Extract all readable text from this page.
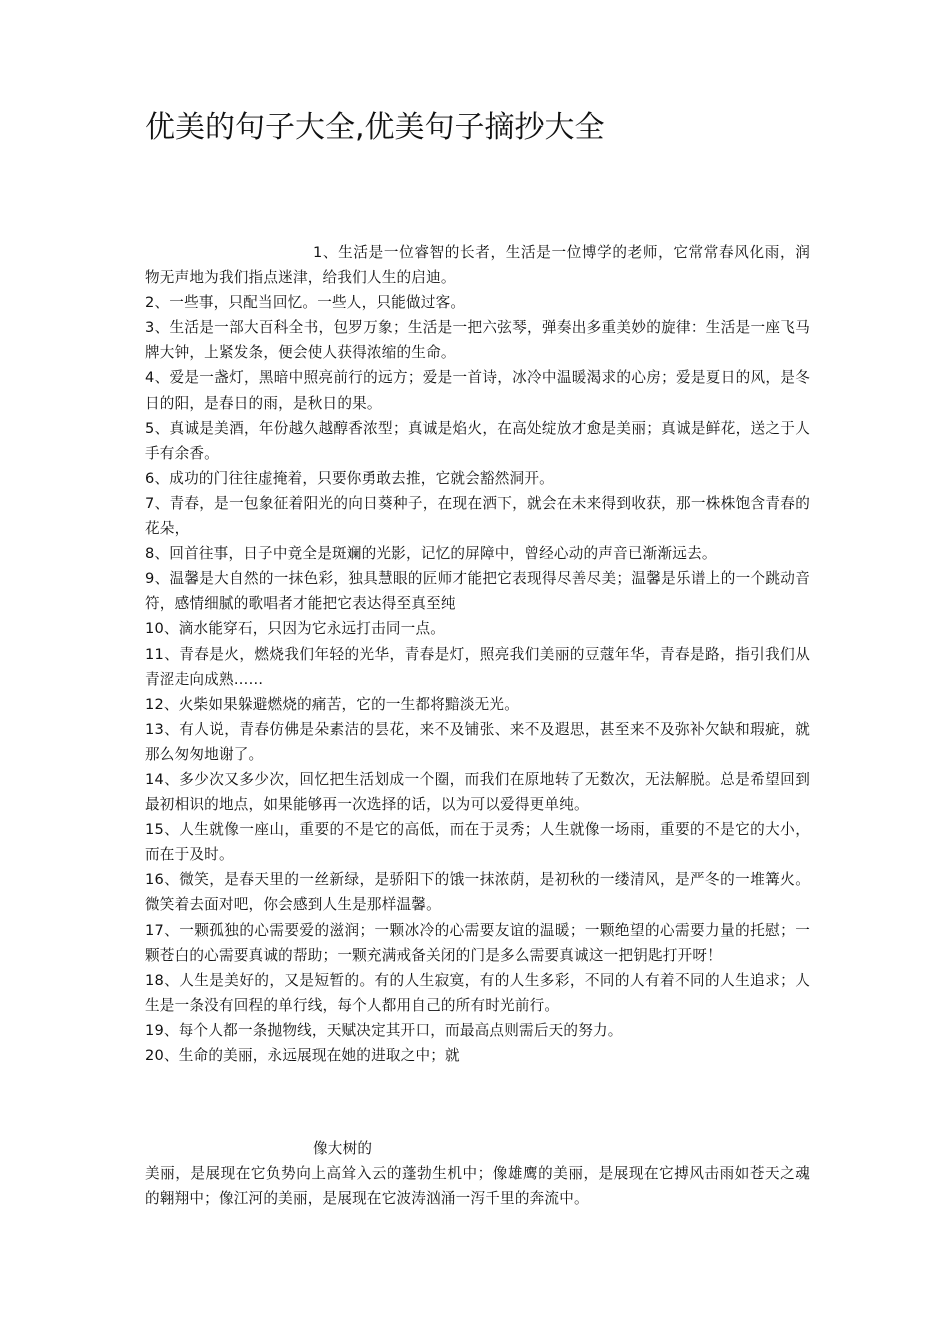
优美的句子大全,优美句子摘抄大全

1、生活是一位睿智的长者，生活是一位博学的老师，它常常春风化雨，润物无声地为我们指点迷津，给我们人生的启迪。

2、一些事，只配当回忆。一些人，只能做过客。

3、生活是一部大百科全书，包罗万象；生活是一把六弦琴，弹奏出多重美妙的旋律：生活是一座飞马牌大钟，上紧发条，便会使人获得浓缩的生命。

4、爱是一盏灯，黑暗中照亮前行的远方；爱是一首诗，冰冷中温暖渴求的心房；爱是夏日的风，是冬日的阳，是春日的雨，是秋日的果。

5、真诚是美酒，年份越久越醇香浓型；真诚是焰火，在高处绽放才愈是美丽；真诚是鲜花，送之于人手有余香。

6、成功的门往往虚掩着，只要你勇敢去推，它就会豁然洞开。

7、青春，是一包象征着阳光的向日葵种子，在现在洒下，就会在未来得到收获，那一株株饱含青春的花朵，

8、回首往事，日子中竟全是斑斓的光影，记忆的屏障中，曾经心动的声音已渐渐远去。

9、温馨是大自然的一抹色彩，独具慧眼的匠师才能把它表现得尽善尽美；温馨是乐谱上的一个跳动音符，感情细腻的歌唱者才能把它表达得至真至纯

10、滴水能穿石，只因为它永远打击同一点。

11、青春是火，燃烧我们年轻的光华，青春是灯，照亮我们美丽的豆蔻年华，青春是路，指引我们从青涩走向成熟……

12、火柴如果躲避燃烧的痛苦，它的一生都将黯淡无光。

13、有人说，青春仿佛是朵素洁的昙花，来不及铺张、来不及遐思，甚至来不及弥补欠缺和瑕疵，就那么匆匆地谢了。

14、多少次又多少次，回忆把生活划成一个圈，而我们在原地转了无数次，无法解脱。总是希望回到最初相识的地点，如果能够再一次选择的话，以为可以爱得更单纯。

15、人生就像一座山，重要的不是它的高低，而在于灵秀；人生就像一场雨，重要的不是它的大小，而在于及时。

16、微笑，是春天里的一丝新绿，是骄阳下的饿一抹浓荫，是初秋的一缕清风，是严冬的一堆篝火。微笑着去面对吧，你会感到人生是那样温馨。

17、一颗孤独的心需要爱的滋润；一颗冰冷的心需要友谊的温暖；一颗绝望的心需要力量的托慰；一颗苍白的心需要真诚的帮助；一颗充满戒备关闭的门是多么需要真诚这一把钥匙打开呀！

18、人生是美好的，又是短暂的。有的人生寂寞，有的人生多彩，不同的人有着不同的人生追求；人生是一条没有回程的单行线，每个人都用自己的所有时光前行。

19、每个人都一条抛物线，天赋决定其开口，而最高点则需后天的努力。

20、生命的美丽，永远展现在她的进取之中；就

像大树的

美丽，是展现在它负势向上高耸入云的蓬勃生机中；像雄鹰的美丽，是展现在它搏风击雨如苍天之魂的翱翔中；像江河的美丽，是展现在它波涛汹涌一泻千里的奔流中。
